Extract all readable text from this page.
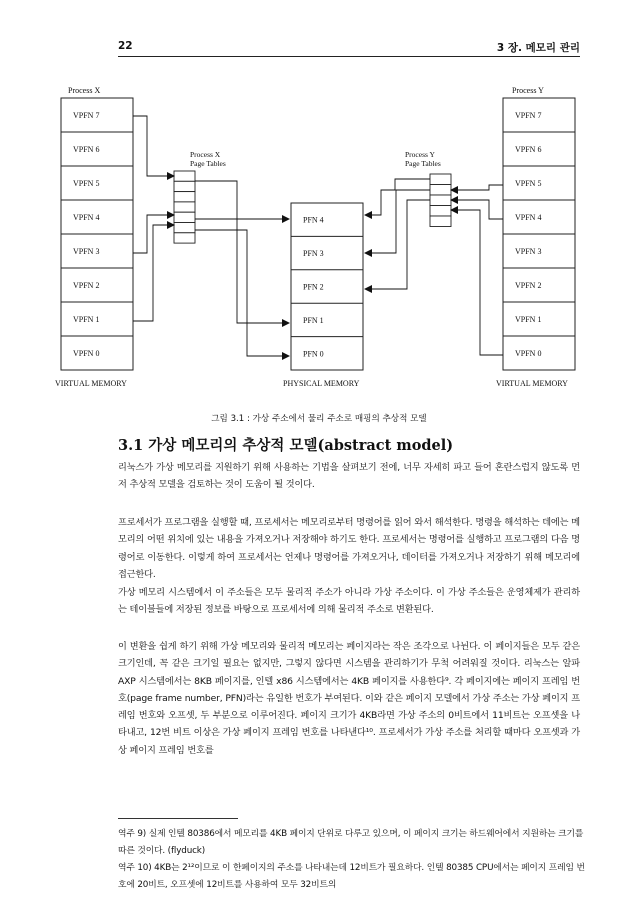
22	3 장. 메모리 관리
Process X
VPFN 7
VPFN 6
VPFN 5
VPFN 4
VPFN 3
VPFN 2
VPFN 1
VPFN 0
Process Y
VPFN 7
VPFN 6
VPFN 5
VPFN 4
VPFN 3
VPFN 2
VPFN 1
VPFN 0
PFN 4
PFN 3
PFN 2
PFN 1
PFN 0
Process X
Page Tables
Process Y
Page Tables
VIRTUAL MEMORY	PHYSICAL MEMORY	VIRTUAL MEMORY
그림 3.1 : 가상 주소에서 물리 주소로 매핑의 추상적 모델
3.1 가상 메모리의 추상적 모델(abstract model)
리눅스가 가상 메모리를 지원하기 위해 사용하는 기법을 살펴보기 전에, 너무 자세히 파고 들어 혼란스럽지 않도록 먼저 추상적 모델을 검토하는 것이 도움이 될 것이다.
프로세서가 프로그램을 실행할 때, 프로세서는 메모리로부터 명령어를 읽어 와서 해석한다. 명령을 해석하는 데에는 메모리의 어떤 위치에 있는 내용을 가져오거나 저장해야 하기도 한다. 프로세서는 명령어를 실행하고 프로그램의 다음 명령어로 이동한다. 이렇게 하여 프로세서는 언제나 명령어를 가져오거나, 데이터를 가져오거나 저장하기 위해 메모리에 접근한다.
가상 메모리 시스템에서 이 주소들은 모두 물리적 주소가 아니라 가상 주소이다. 이 가상 주소들은 운영체제가 관리하는 테이블들에 저장된 정보를 바탕으로 프로세서에 의해 물리적 주소로 변환된다.
이 변환을 쉽게 하기 위해 가상 메모리와 물리적 메모리는 페이지라는 작은 조각으로 나뉜다. 이 페이지들은 모두 같은 크기인데, 꼭 같은 크기일 필요는 없지만, 그렇지 않다면 시스템을 관리하기가 무척 어려워질 것이다. 리눅스는 알파 AXP 시스템에서는 8KB 페이지를, 인텔 x86 시스템에서는 4KB 페이지를 사용한다⁹. 각 페이지에는 페이지 프레임 번호(page frame number, PFN)라는 유일한 번호가 부여된다. 이와 같은 페이지 모델에서 가상 주소는 가상 페이지 프레임 번호와 오프셋, 두 부분으로 이루어진다. 페이지 크기가 4KB라면 가상 주소의 0비트에서 11비트는 오프셋을 나타내고, 12번 비트 이상은 가상 페이지 프레임 번호를 나타낸다¹⁰. 프로세서가 가상 주소를 처리할 때마다 오프셋과 가상 페이지 프레임 번호를
역주 9) 실제 인텔 80386에서 메모리를 4KB 페이지 단위로 다루고 있으며, 이 페이지 크기는 하드웨어에서 지원하는 크기를 따른 것이다. (flyduck)
역주 10) 4KB는 2¹²이므로 이 한페이지의 주소를 나타내는데 12비트가 필요하다. 인텔 80385 CPU에서는 페이지 프레임 번호에 20비트, 오프셋에 12비트를 사용하여 모두 32비트의
